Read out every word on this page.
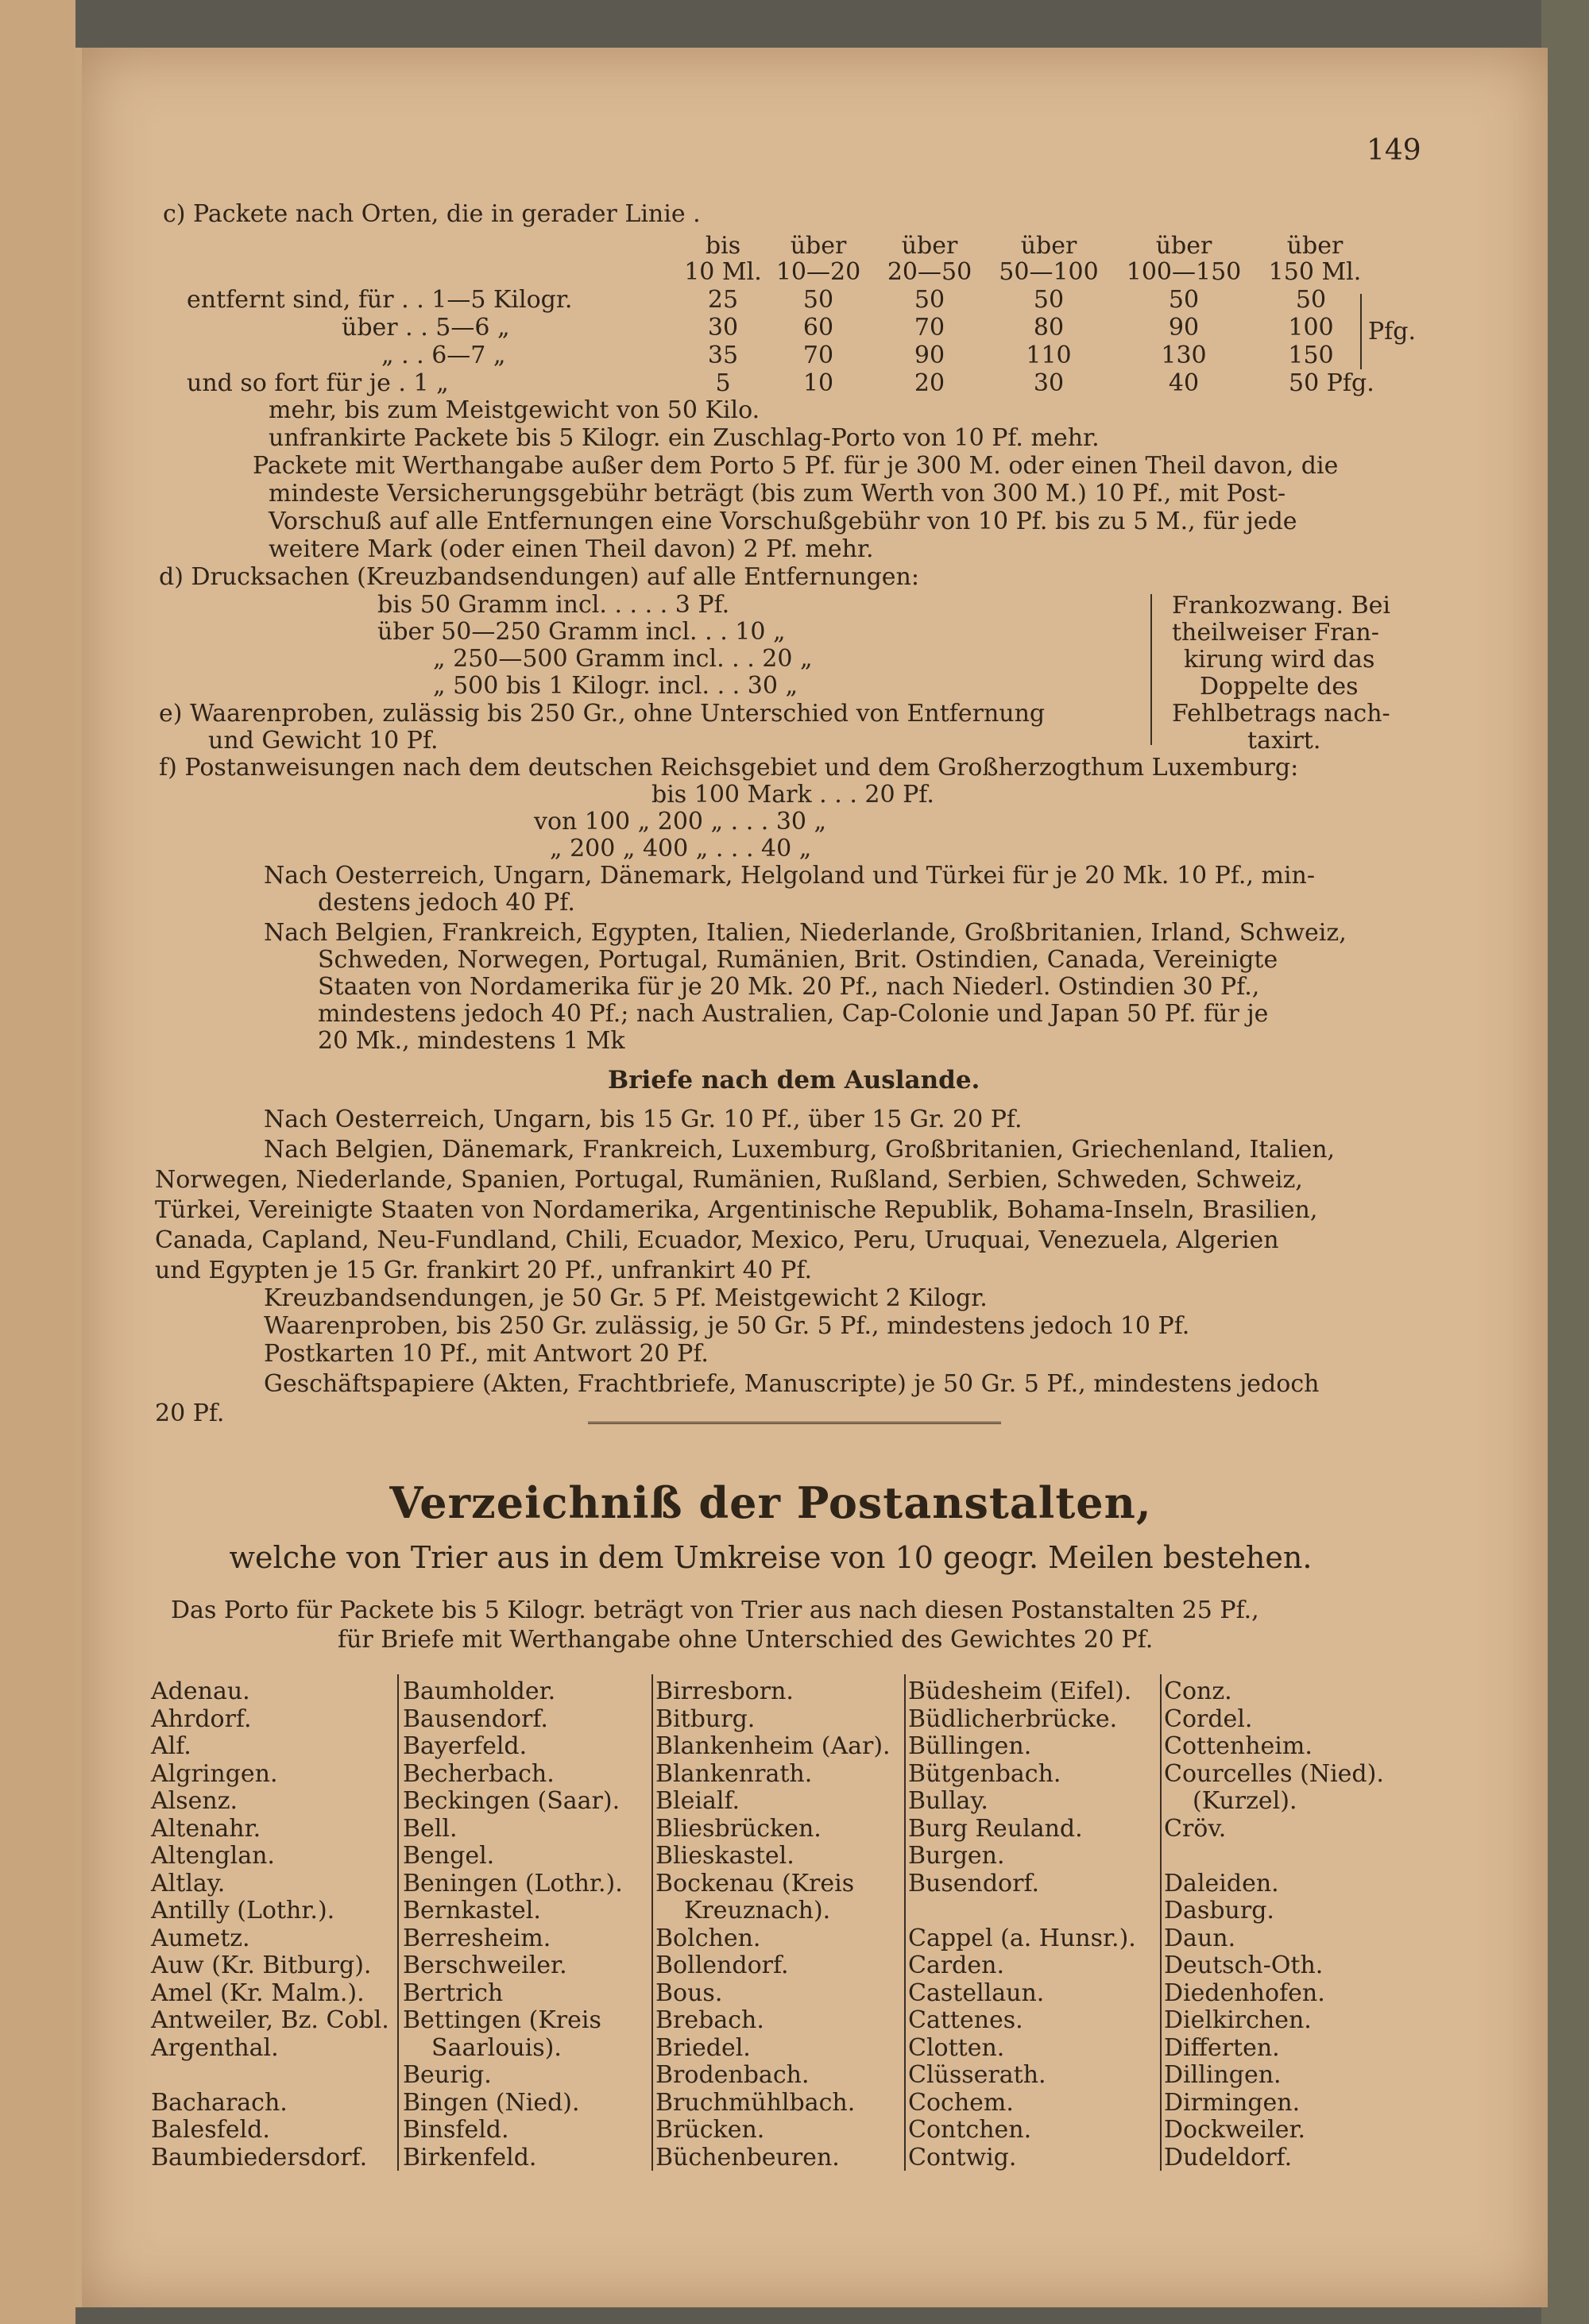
149
c) Packete nach Orten, die in gerader Linie .
bis	über	über	über	über	über
10 Ml. 10—20	20—50	50—100 100—150	150 Ml.
entfernt sind, für . . 1—5 Kilogr.	25	50	50	50	50	50
über . . 5—6 „	30	60	70	80	90	100
„ . . 6—7 „	35	70	90	110	130	150
Pfg.
und so fort für je . 1 „	5	10	20	30	40	50 Pfg.
mehr, bis zum Meistgewicht von 50 Kilo.
unfrankirte Packete bis 5 Kilogr. ein Zuschlag-Porto von 10 Pf. mehr.
Packete mit Werthangabe außer dem Porto 5 Pf. für je 300 M. oder einen Theil davon, die
mindeste Versicherungsgebühr beträgt (bis zum Werth von 300 M.) 10 Pf., mit Post-
Vorschuß auf alle Entfernungen eine Vorschußgebühr von 10 Pf. bis zu 5 M., für jede
weitere Mark (oder einen Theil davon) 2 Pf. mehr.
d) Drucksachen (Kreuzbandsendungen) auf alle Entfernungen:
bis 50 Gramm incl. . . . . 3 Pf.
über 50—250 Gramm incl. . . 10 „
„ 250—500 Gramm incl. . . 20 „
„ 500 bis 1 Kilogr. incl. . . 30 „
Frankozwang. Bei
theilweiser Fran-
kirung wird das
Doppelte des
Fehlbetrags nach-
taxirt.
e) Waarenproben, zulässig bis 250 Gr., ohne Unterschied von Entfernung
und Gewicht 10 Pf.
f) Postanweisungen nach dem deutschen Reichsgebiet und dem Großherzogthum Luxemburg:
bis 100 Mark . . . 20 Pf.
von 100 „ 200 „ . . . 30 „
„ 200 „ 400 „ . . . 40 „
Nach Oesterreich, Ungarn, Dänemark, Helgoland und Türkei für je 20 Mk. 10 Pf., min-
destens jedoch 40 Pf.
Nach Belgien, Frankreich, Egypten, Italien, Niederlande, Großbritanien, Irland, Schweiz,
Schweden, Norwegen, Portugal, Rumänien, Brit. Ostindien, Canada, Vereinigte
Staaten von Nordamerika für je 20 Mk. 20 Pf., nach Niederl. Ostindien 30 Pf.,
mindestens jedoch 40 Pf.; nach Australien, Cap-Colonie und Japan 50 Pf. für je
20 Mk., mindestens 1 Mk
Briefe nach dem Auslande.
Nach Oesterreich, Ungarn, bis 15 Gr. 10 Pf., über 15 Gr. 20 Pf.
Nach Belgien, Dänemark, Frankreich, Luxemburg, Großbritanien, Griechenland, Italien,
Norwegen, Niederlande, Spanien, Portugal, Rumänien, Rußland, Serbien, Schweden, Schweiz,
Türkei, Vereinigte Staaten von Nordamerika, Argentinische Republik, Bohama-Inseln, Brasilien,
Canada, Capland, Neu-Fundland, Chili, Ecuador, Mexico, Peru, Uruquai, Venezuela, Algerien
und Egypten je 15 Gr. frankirt 20 Pf., unfrankirt 40 Pf.
Kreuzbandsendungen, je 50 Gr. 5 Pf. Meistgewicht 2 Kilogr.
Waarenproben, bis 250 Gr. zulässig, je 50 Gr. 5 Pf., mindestens jedoch 10 Pf.
Postkarten 10 Pf., mit Antwort 20 Pf.
Geschäftspapiere (Akten, Frachtbriefe, Manuscripte) je 50 Gr. 5 Pf., mindestens jedoch
20 Pf.
Verzeichniß der Postanstalten,
welche von Trier aus in dem Umkreise von 10 geogr. Meilen bestehen.
Das Porto für Packete bis 5 Kilogr. beträgt von Trier aus nach diesen Postanstalten 25 Pf.,
für Briefe mit Werthangabe ohne Unterschied des Gewichtes 20 Pf.
Adenau.
Ahrdorf.
Alf.
Algringen.
Alsenz.
Altenahr.
Altenglan.
Altlay.
Antilly (Lothr.).
Aumetz.
Auw (Kr. Bitburg).
Amel (Kr. Malm.).
Antweiler, Bz. Cobl.
Argenthal.
Bacharach.
Balesfeld.
Baumbiedersdorf.
Baumholder.
Bausendorf.
Bayerfeld.
Becherbach.
Beckingen (Saar).
Bell.
Bengel.
Beningen (Lothr.).
Bernkastel.
Berresheim.
Berschweiler.
Bertrich
Bettingen (Kreis
Saarlouis).
Beurig.
Bingen (Nied).
Binsfeld.
Birkenfeld.
Birresborn.
Bitburg.
Blankenheim (Aar).
Blankenrath.
Bleialf.
Bliesbrücken.
Blieskastel.
Bockenau (Kreis
Kreuznach).
Bolchen.
Bollendorf.
Bous.
Brebach.
Briedel.
Brodenbach.
Bruchmühlbach.
Brücken.
Büchenbeuren.
Büdesheim (Eifel).
Büdlicherbrücke.
Büllingen.
Bütgenbach.
Bullay.
Burg Reuland.
Burgen.
Busendorf.
Cappel (a. Hunsr.).
Carden.
Castellaun.
Cattenes.
Clotten.
Clüsserath.
Cochem.
Contchen.
Contwig.
Conz.
Cordel.
Cottenheim.
Courcelles (Nied).
(Kurzel).
Cröv.
Daleiden.
Dasburg.
Daun.
Deutsch-Oth.
Diedenhofen.
Dielkirchen.
Differten.
Dillingen.
Dirmingen.
Dockweiler.
Dudeldorf.
